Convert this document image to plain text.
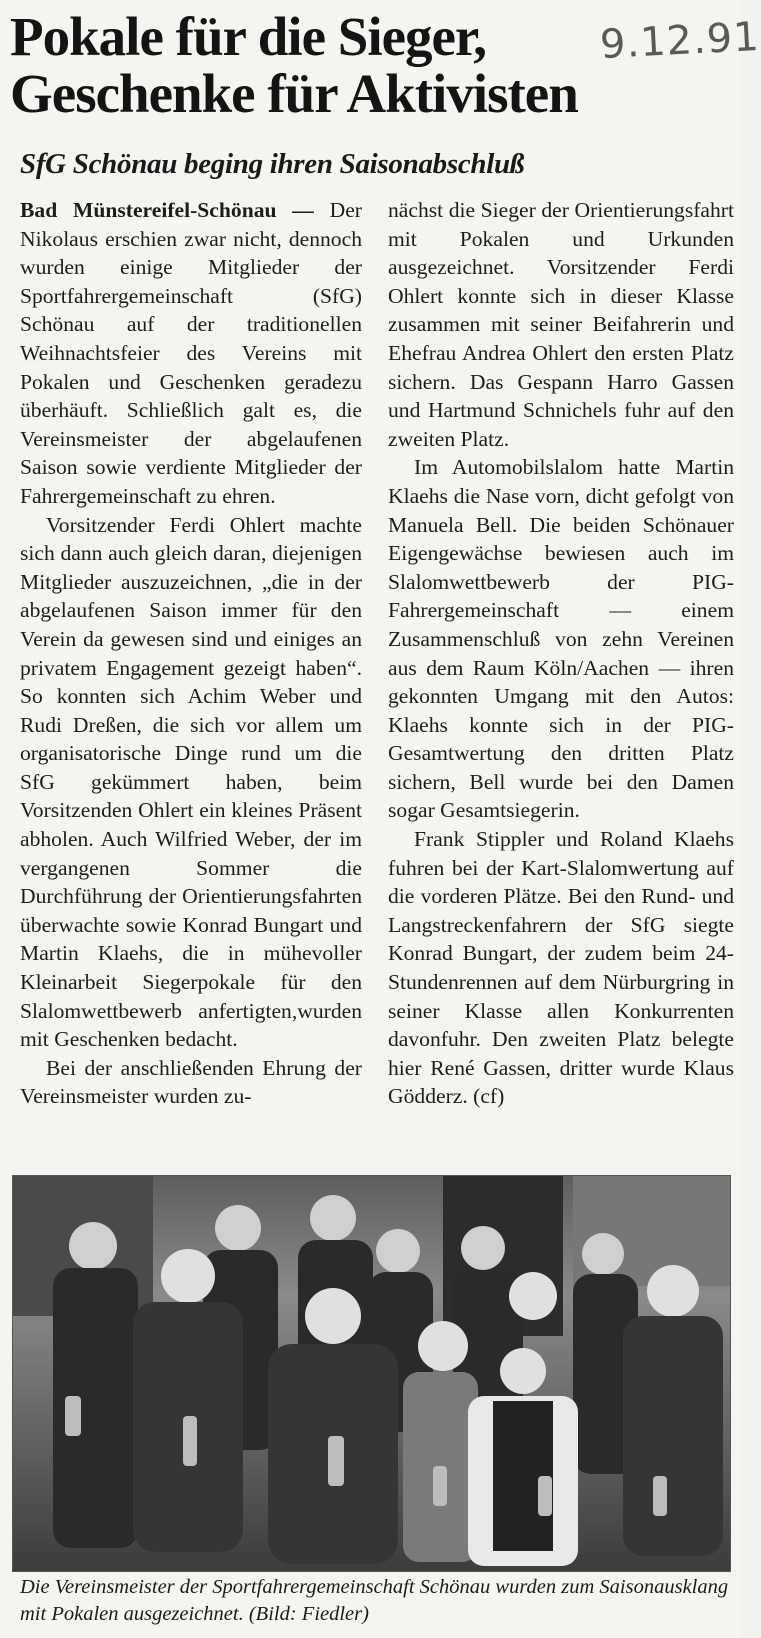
Pokale für die Sieger,
Geschenke für Aktivisten
9.12.91
SfG Schönau beging ihren Saisonabschluß

Bad Münstereifel-Schönau — Der Nikolaus erschien zwar nicht, dennoch wurden einige Mitglieder der Sportfahrergemeinschaft (SfG) Schönau auf der traditionellen Weihnachtsfeier des Vereins mit Pokalen und Geschenken geradezu überhäuft. Schließlich galt es, die Vereinsmeister der abgelaufenen Saison sowie verdiente Mitglieder der Fahrergemeinschaft zu ehren.

Vorsitzender Ferdi Ohlert machte sich dann auch gleich daran, diejenigen Mitglieder auszuzeichnen, „die in der abgelaufenen Saison immer für den Verein da gewesen sind und einiges an privatem Engagement gezeigt haben“. So konnten sich Achim Weber und Rudi Dreßen, die sich vor allem um organisatorische Dinge rund um die SfG gekümmert haben, beim Vorsitzenden Ohlert ein kleines Präsent abholen. Auch Wilfried Weber, der im vergangenen Sommer die Durchführung der Orientierungsfahrten überwachte sowie Konrad Bungart und Martin Klaehs, die in mühevoller Kleinarbeit Siegerpokale für den Slalomwettbewerb anfertigten,wurden mit Geschenken bedacht.

Bei der anschließenden Ehrung der Vereinsmeister wurden zu-

nächst die Sieger der Orientierungsfahrt mit Pokalen und Urkunden ausgezeichnet. Vorsitzender Ferdi Ohlert konnte sich in dieser Klasse zusammen mit seiner Beifahrerin und Ehefrau Andrea Ohlert den ersten Platz sichern. Das Gespann Harro Gassen und Hartmund Schnichels fuhr auf den zweiten Platz.

Im Automobilslalom hatte Martin Klaehs die Nase vorn, dicht gefolgt von Manuela Bell. Die beiden Schönauer Eigengewächse bewiesen auch im Slalomwettbewerb der PIG-Fahrergemeinschaft — einem Zusammenschluß von zehn Vereinen aus dem Raum Köln/Aachen — ihren gekonnten Umgang mit den Autos: Klaehs konnte sich in der PIG-Gesamtwertung den dritten Platz sichern, Bell wurde bei den Damen sogar Gesamtsiegerin.

Frank Stippler und Roland Klaehs fuhren bei der Kart-Slalomwertung auf die vorderen Plätze. Bei den Rund- und Langstreckenfahrern der SfG siegte Konrad Bungart, der zudem beim 24-Stundenrennen auf dem Nürburgring in seiner Klasse allen Konkurrenten davonfuhr. Den zweiten Platz belegte hier René Gassen, dritter wurde Klaus Gödderz. (cf)

Die Vereinsmeister der Sportfahrergemeinschaft Schönau wurden zum Saisonausklang mit Pokalen ausgezeichnet. (Bild: Fiedler)
